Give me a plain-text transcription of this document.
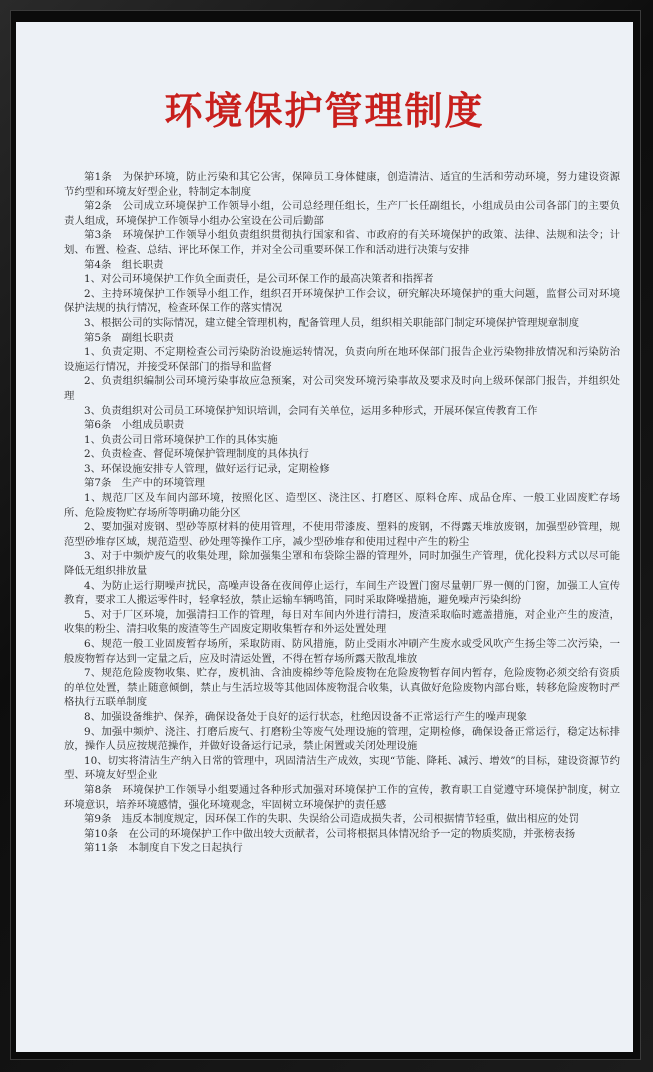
环境保护管理制度

第1条　为保护环境，防止污染和其它公害，保障员工身体健康，创造清洁、适宜的生活和劳动环境，努力建设资源节约型和环境友好型企业，特制定本制度

第2条　公司成立环境保护工作领导小组，公司总经理任组长，生产厂长任副组长，小组成员由公司各部门的主要负责人组成，环境保护工作领导小组办公室设在公司后勤部

第3条　环境保护工作领导小组负责组织贯彻执行国家和省、市政府的有关环境保护的政策、法律、法规和法令；计划、布置、检查、总结、评比环保工作，并对全公司重要环保工作和活动进行决策与安排

第4条　组长职责

1、对公司环境保护工作负全面责任，是公司环保工作的最高决策者和指挥者

2、主持环境保护工作领导小组工作，组织召开环境保护工作会议，研究解决环境保护的重大问题，监督公司对环境保护法规的执行情况，检查环保工作的落实情况

3、根据公司的实际情况，建立健全管理机构，配备管理人员，组织相关职能部门制定环境保护管理规章制度

第5条　副组长职责

1、负责定期、不定期检查公司污染防治设施运转情况，负责向所在地环保部门报告企业污染物排放情况和污染防治设施运行情况，并接受环保部门的指导和监督

2、负责组织编制公司环境污染事故应急预案，对公司突发环境污染事故及要求及时向上级环保部门报告，并组织处理

3、负责组织对公司员工环境保护知识培训，会同有关单位，运用多种形式，开展环保宣传教育工作

第6条　小组成员职责

1、负责公司日常环境保护工作的具体实施

2、负责检查、督促环境保护管理制度的具体执行

3、环保设施安排专人管理，做好运行记录，定期检修

第7条　生产中的环境管理

1、规范厂区及车间内部环境，按照化区、造型区、浇注区、打磨区、原料仓库、成品仓库、一般工业固废贮存场所、危险废物贮存场所等明确功能分区

2、要加强对废钢、型砂等原材料的使用管理，不使用带漆废、塑料的废钢，不得露天堆放废钢，加强型砂管理，规范型砂堆存区域，规范造型、砂处理等操作工序，减少型砂堆存和使用过程中产生的粉尘

3、对于中频炉废气的收集处理，除加强集尘罩和布袋除尘器的管理外，同时加强生产管理，优化投料方式以尽可能降低无组织排放量

4、为防止运行期噪声扰民，高噪声设备在夜间停止运行，车间生产设置门窗尽量朝厂界一侧的门窗，加强工人宣传教育，要求工人搬运零件时，轻拿轻放，禁止运输车辆鸣笛，同时采取降噪措施，避免噪声污染纠纷

5、对于厂区环境，加强清扫工作的管理，每日对车间内外进行清扫，废渣采取临时遮盖措施，对企业产生的废渣，收集的粉尘、清扫收集的废渣等生产固废定期收集暂存和外运处置处理

6、规范一般工业固废暂存场所，采取防雨、防风措施，防止受雨水冲刷产生废水或受风吹产生扬尘等二次污染，一般废物暂存达到一定量之后，应及时清运处置，不得在暂存场所露天散乱堆放

7、规范危险废物收集、贮存，废机油、含油废棉纱等危险废物在危险废物暂存间内暂存，危险废物必须交给有资质的单位处置，禁止随意倾倒，禁止与生活垃圾等其他固体废物混合收集，认真做好危险废物内部台账，转移危险废物时严格执行五联单制度

8、加强设备维护、保养，确保设备处于良好的运行状态，杜绝因设备不正常运行产生的噪声现象

9、加强中频炉、浇注、打磨后废气、打磨粉尘等废气处理设施的管理，定期检修，确保设备正常运行，稳定达标排放，操作人员应按规范操作，并做好设备运行记录，禁止闲置或关闭处理设施

10、切实将清洁生产纳入日常的管理中，巩固清洁生产成效，实现“节能、降耗、减污、增效”的目标，建设资源节约型、环境友好型企业

第8条　环境保护工作领导小组要通过各种形式加强对环境保护工作的宣传，教育职工自觉遵守环境保护制度，树立环境意识，培养环境感情，强化环境观念，牢固树立环境保护的责任感

第9条　违反本制度规定，因环保工作的失职、失误给公司造成损失者，公司根据情节轻重，做出相应的处罚

第10条　在公司的环境保护工作中做出较大贡献者，公司将根据具体情况给予一定的物质奖励，并张榜表扬

第11条　本制度自下发之日起执行
